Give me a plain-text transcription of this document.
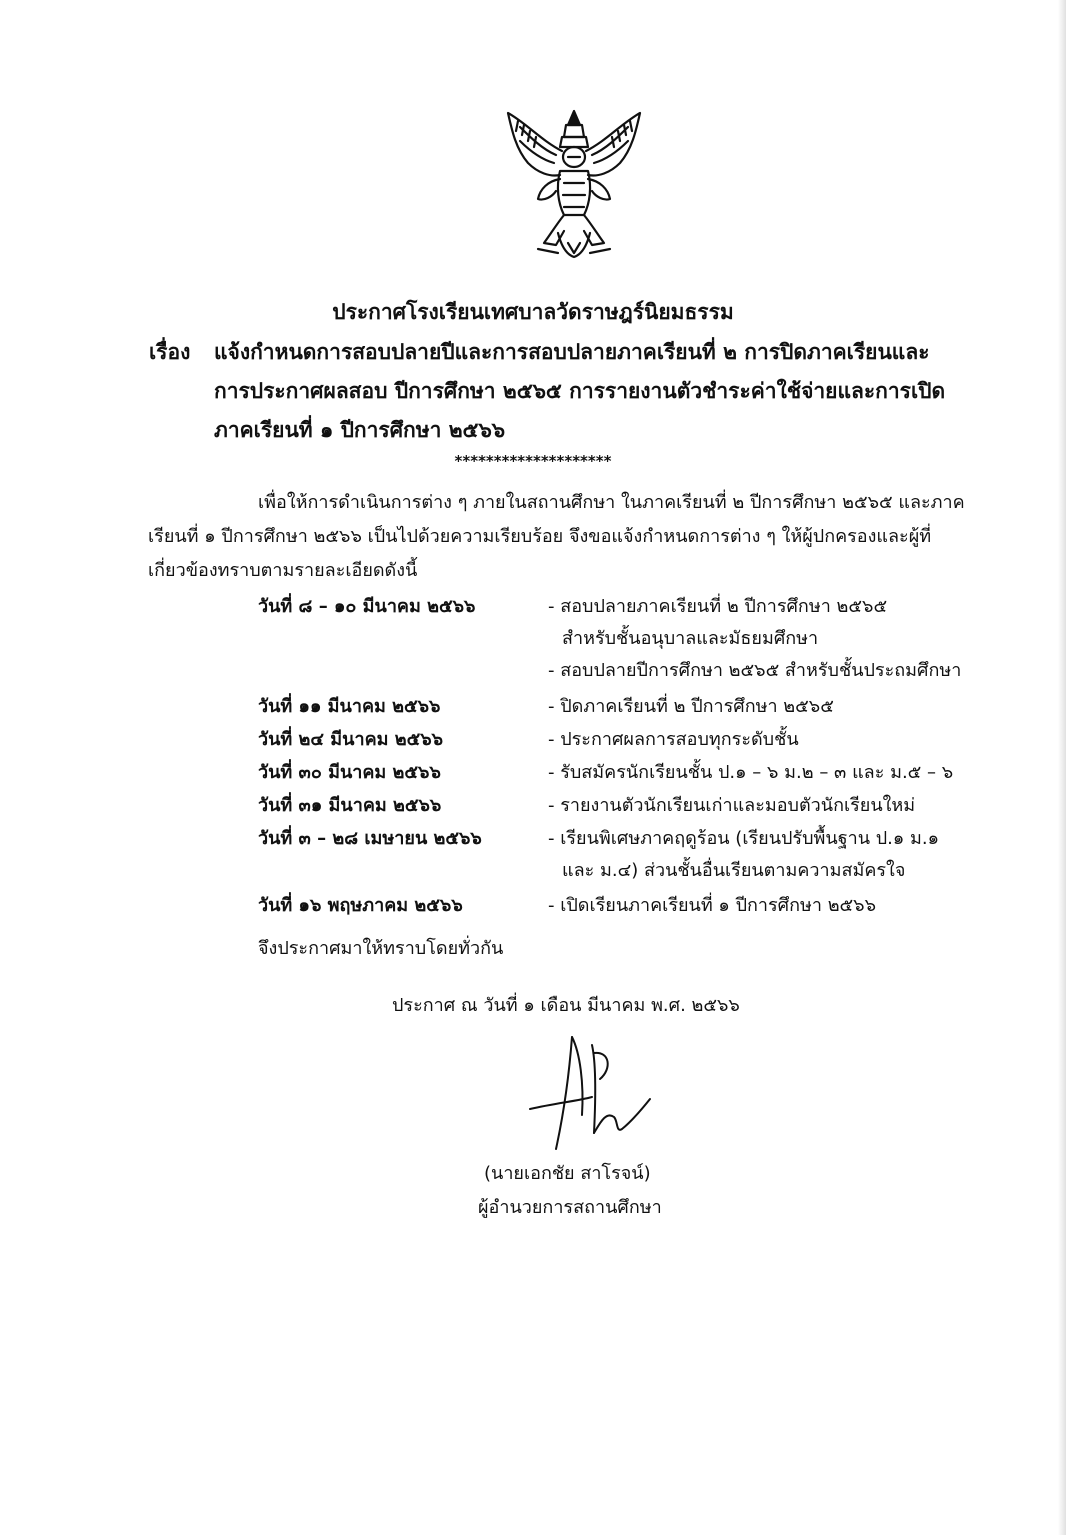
ประกาศโรงเรียนเทศบาลวัดราษฎร์นิยมธรรม
เรื่อง แจ้งกำหนดการสอบปลายปีและการสอบปลายภาคเรียนที่ ๒ การปิดภาคเรียนและ
การประกาศผลสอบ ปีการศึกษา ๒๕๖๕ การรายงานตัวชำระค่าใช้จ่ายและการเปิด
ภาคเรียนที่ ๑ ปีการศึกษา ๒๕๖๖
********************
เพื่อให้การดำเนินการต่าง ๆ ภายในสถานศึกษา ในภาคเรียนที่ ๒ ปีการศึกษา ๒๕๖๕ และภาค
เรียนที่ ๑ ปีการศึกษา ๒๕๖๖ เป็นไปด้วยความเรียบร้อย จึงขอแจ้งกำหนดการต่าง ๆ ให้ผู้ปกครองและผู้ที่
เกี่ยวข้องทราบตามรายละเอียดดังนี้
วันที่ ๘ – ๑๐ มีนาคม ๒๕๖๖	- สอบปลายภาคเรียนที่ ๒ ปีการศึกษา ๒๕๖๕
สำหรับชั้นอนุบาลและมัธยมศึกษา
- สอบปลายปีการศึกษา ๒๕๖๕ สำหรับชั้นประถมศึกษา
วันที่ ๑๑ มีนาคม ๒๕๖๖	- ปิดภาคเรียนที่ ๒ ปีการศึกษา ๒๕๖๕
วันที่ ๒๔ มีนาคม ๒๕๖๖	- ประกาศผลการสอบทุกระดับชั้น
วันที่ ๓๐ มีนาคม ๒๕๖๖	- รับสมัครนักเรียนชั้น ป.๑ – ๖ ม.๒ – ๓ และ ม.๕ – ๖
วันที่ ๓๑ มีนาคม ๒๕๖๖	- รายงานตัวนักเรียนเก่าและมอบตัวนักเรียนใหม่
วันที่ ๓ – ๒๘ เมษายน ๒๕๖๖	- เรียนพิเศษภาคฤดูร้อน (เรียนปรับพื้นฐาน ป.๑ ม.๑
และ ม.๔) ส่วนชั้นอื่นเรียนตามความสมัครใจ
วันที่ ๑๖ พฤษภาคม ๒๕๖๖	- เปิดเรียนภาคเรียนที่ ๑ ปีการศึกษา ๒๕๖๖
จึงประกาศมาให้ทราบโดยทั่วกัน
ประกาศ ณ วันที่ ๑ เดือน มีนาคม พ.ศ. ๒๕๖๖
(นายเอกชัย สาโรจน์)
ผู้อำนวยการสถานศึกษา
